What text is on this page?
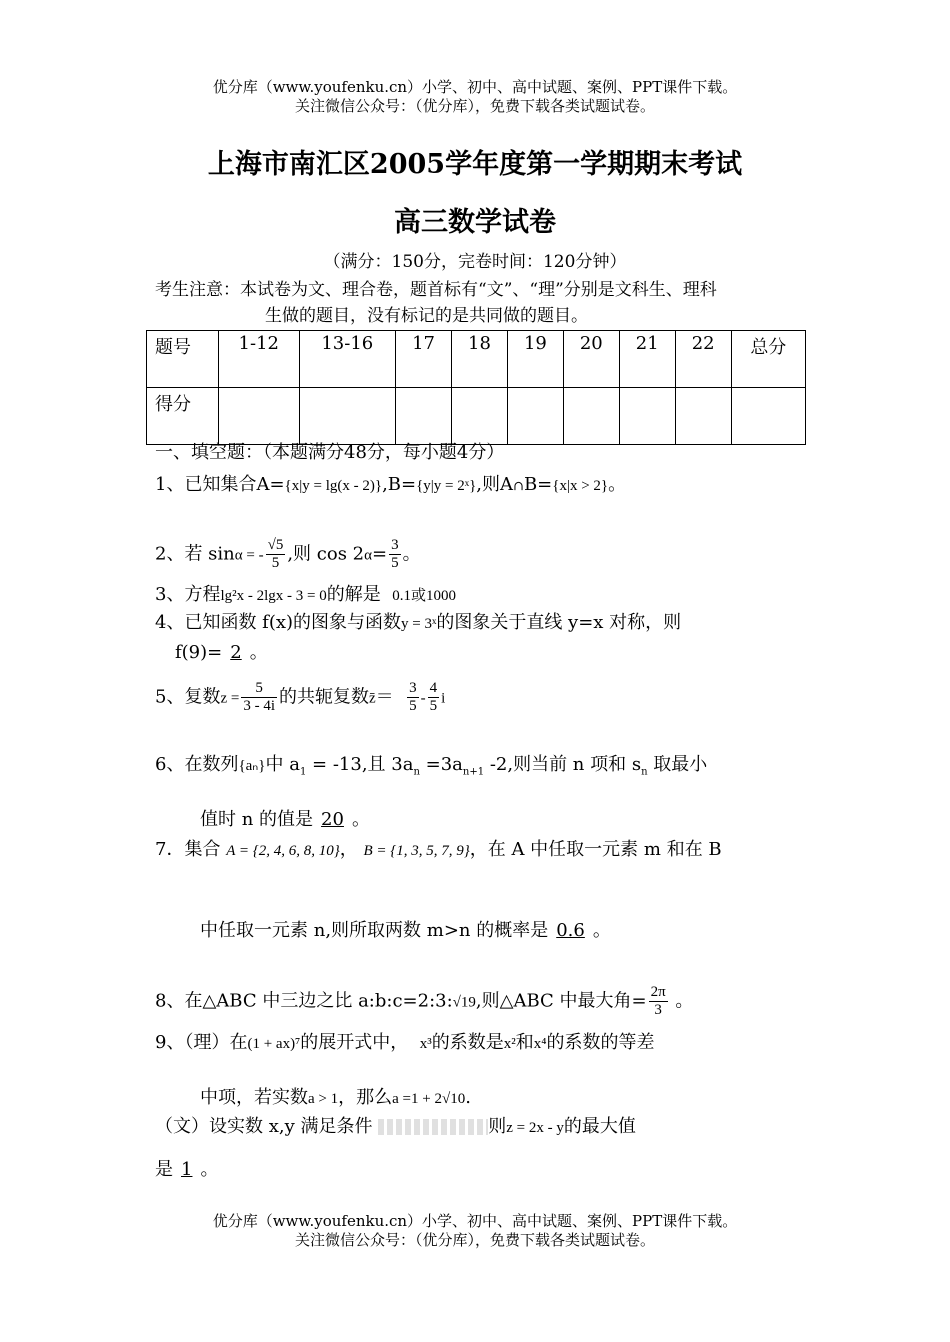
优分库（www.youfenku.cn）小学、初中、高中试题、案例、PPT课件下载。
关注微信公众号：（优分库），免费下载各类试题试卷。
上海市南汇区2005学年度第一学期期末考试
高三数学试卷
（满分：150分，完卷时间：120分钟）
考生注意：本试卷为文、理合卷，题首标有“文”、“理”分别是文科生、理科
生做的题目，没有标记的是共同做的题目。
题号	1-12	13-16	17	18	19	20	21	22	总分
得分									
一、填空题：（本题满分48分，每小题4分）
1、已知集合A={x|y = lg(x - 2)},B={y|y = 2ˣ},则A∩B={x|x > 2}。
2、若 sinα = - $\frac{√5}{5}$ ,则 $\cos 2\alpha= \frac{3}{5}$ 。
3、方程lg²x - 2lgx - 3 = 0的解是 0.1或1000
4、已知函数 f(x)的图象与函数y = 3ˣ的图象关于直线 y=x 对称，则
f(9)= 2 。
5、复数$z = \frac{5}{3 - 4i}$ 的共轭复数z̄＝ $\frac{3}{5} - \frac{4}{5}$ i
6、在数列{aₙ}中 $a_1 = -13$,且 $3a_n =3a_{n+1}$ -2,则当前 n 项和 $s_n$ 取最小
值时 n 的值是 20 。
7．集合 A = {2, 4, 6, 8, 10}， B = {1, 3, 5, 7, 9}，在 A 中任取一元素 m 和在 B
中任取一元素 n,则所取两数 m>n 的概率是 0.6 。
8、在△ABC 中三边之比 a:b:c=2:3:√19,则△ABC 中最大角= $\frac{2\pi}{3}$ 。
9、（理）在(1 + ax)⁷的展开式中， x³的系数是x²和x⁴的系数的等差
中项，若实数a > 1，那么a =1 + 2√10.
（文）设实数 x,y 满足条件	则z = 2x - y的最大值
是 1 。
优分库（www.youfenku.cn）小学、初中、高中试题、案例、PPT课件下载。
关注微信公众号：（优分库），免费下载各类试题试卷。
